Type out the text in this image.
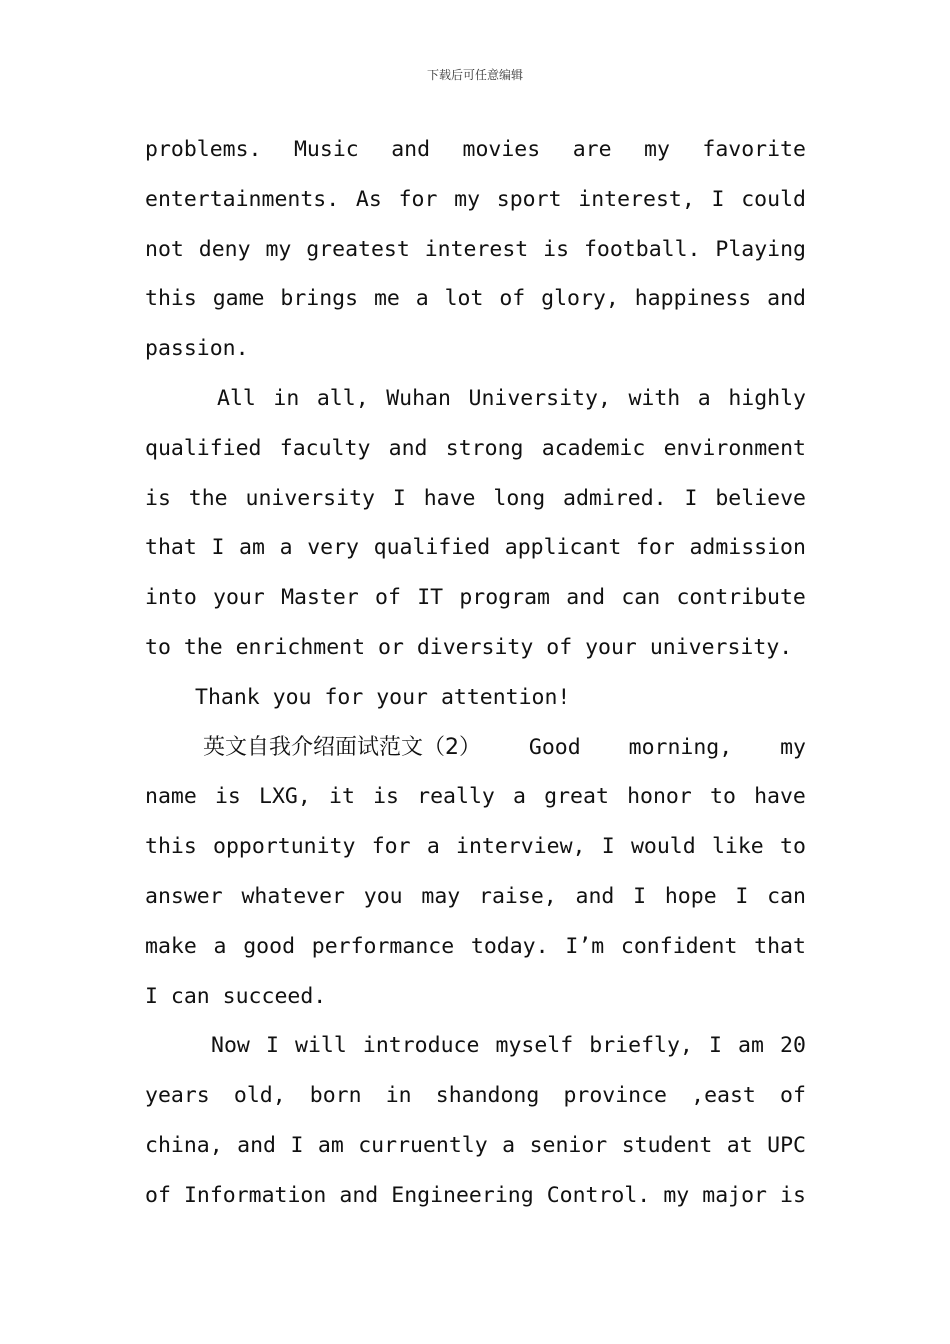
下载后可任意编辑
problems. Music and movies are my favorite
entertainments. As for my sport interest, I could
not deny my greatest interest is football. Playing
this game brings me a lot of glory, happiness and
passion.
All in all, Wuhan University, with a highly
qualified faculty and strong academic environment
is the university I have long admired. I believe
that I am a very qualified applicant for admission
into your Master of IT program and can contribute
to the enrichment or diversity of your university.
Thank you for your attention!
英文自我介绍面试范文（2） Good morning, my
name is LXG, it is really a great honor to have
this opportunity for a interview, I would like to
answer whatever you may raise, and I hope I can
make a good performance today. I’m confident that
I can succeed.
Now I will introduce myself briefly, I am 20
years old, born in shandong province ,east of
china, and I am curruently a senior student at UPC
of Information and Engineering Control. my major is
